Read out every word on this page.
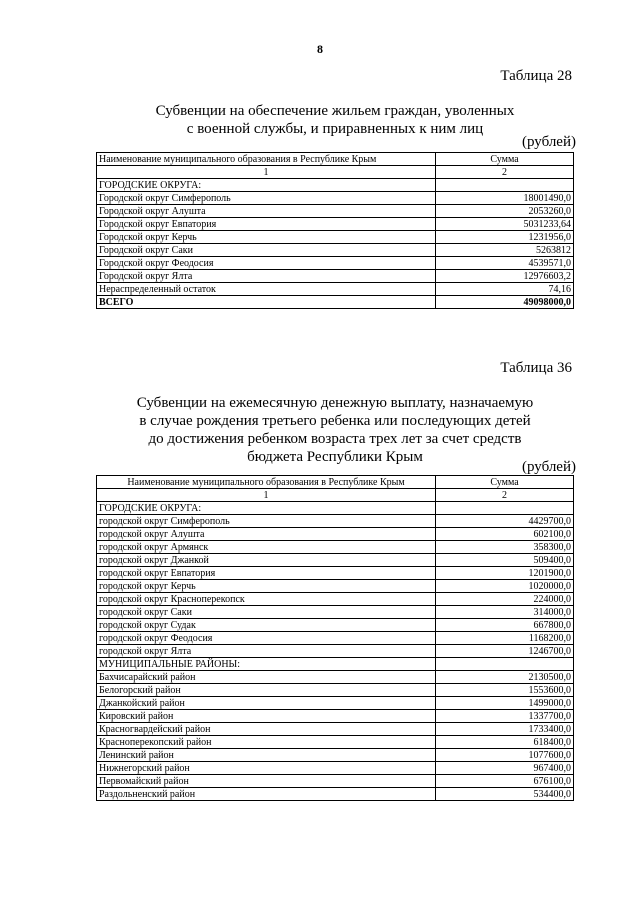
8
Таблица 28
Субвенции на обеспечение жильем граждан, уволенных
с военной службы, и приравненных к ним лиц
(рублей)
Наименование муниципального образования в Республике Крым	Сумма
1	2
ГОРОДСКИЕ ОКРУГА:	
Городской округ Симферополь	18001490,0
Городской округ Алушта	2053260,0
Городской округ Евпатория	5031233,64
Городской округ Керчь	1231956,0
Городской округ Саки	5263812
Городской округ Феодосия	4539571,0
Городской округ Ялта	12976603,2
Нераспределенный остаток	74,16
ВСЕГО	49098000,0
Таблица 36
Субвенции на ежемесячную денежную выплату, назначаемую
в случае рождения третьего ребенка или последующих детей
до достижения ребенком возраста трех лет за счет средств
бюджета Республики Крым
(рублей)
Наименование муниципального образования в Республике Крым	Сумма
1	2
ГОРОДСКИЕ ОКРУГА:	
городской округ Симферополь	4429700,0
городской округ Алушта	602100,0
городской округ Армянск	358300,0
городской округ Джанкой	509400,0
городской округ Евпатория	1201900,0
городской округ Керчь	1020000,0
городской округ Красноперекопск	224000,0
городской округ Саки	314000,0
городской округ Судак	667800,0
городской округ Феодосия	1168200,0
городской округ Ялта	1246700,0
МУНИЦИПАЛЬНЫЕ РАЙОНЫ:	
Бахчисарайский район	2130500,0
Белогорский район	1553600,0
Джанкойский район	1499000,0
Кировский район	1337700,0
Красногвардейский район	1733400,0
Красноперекопский район	618400,0
Ленинский район	1077600,0
Нижнегорский район	967400,0
Первомайский район	676100,0
Раздольненский район	534400,0
